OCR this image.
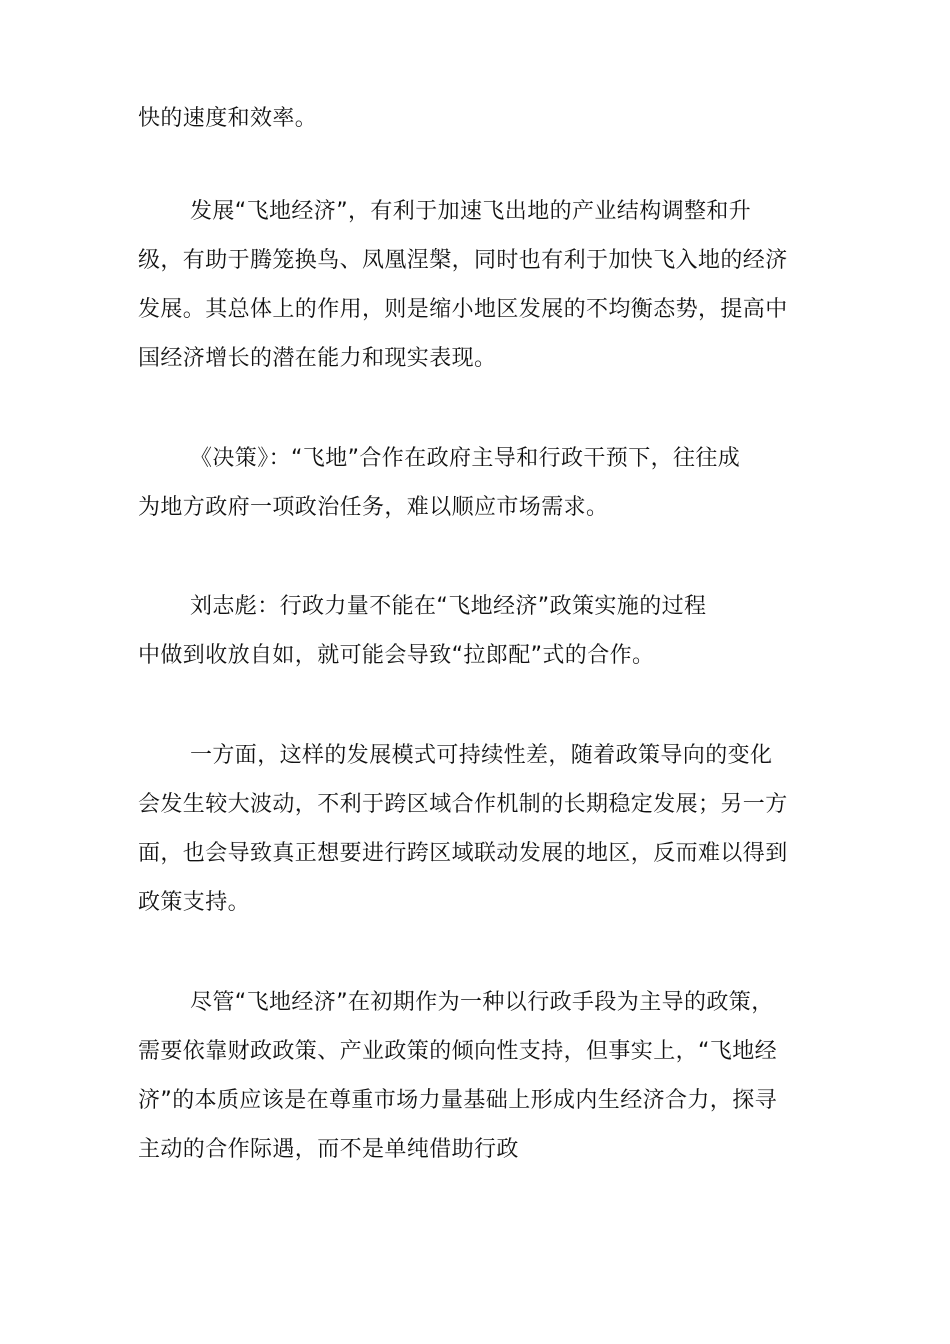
快的速度和效率。
发展“飞地经济”，有利于加速飞出地的产业结构调整和升
级，有助于腾笼换鸟、凤凰涅槃，同时也有利于加快飞入地的经济
发展。其总体上的作用，则是缩小地区发展的不均衡态势，提高中
国经济增长的潜在能力和现实表现。
《决策》：“飞地”合作在政府主导和行政干预下，往往成
为地方政府一项政治任务，难以顺应市场需求。
刘志彪：行政力量不能在“飞地经济”政策实施的过程
中做到收放自如，就可能会导致“拉郎配”式的合作。
一方面，这样的发展模式可持续性差，随着政策导向的变化
会发生较大波动，不利于跨区域合作机制的长期稳定发展；另一方
面，也会导致真正想要进行跨区域联动发展的地区，反而难以得到
政策支持。
尽管“飞地经济”在初期作为一种以行政手段为主导的政策，
需要依靠财政政策、产业政策的倾向性支持，但事实上，“飞地经
济”的本质应该是在尊重市场力量基础上形成内生经济合力，探寻
主动的合作际遇，而不是单纯借助行政
